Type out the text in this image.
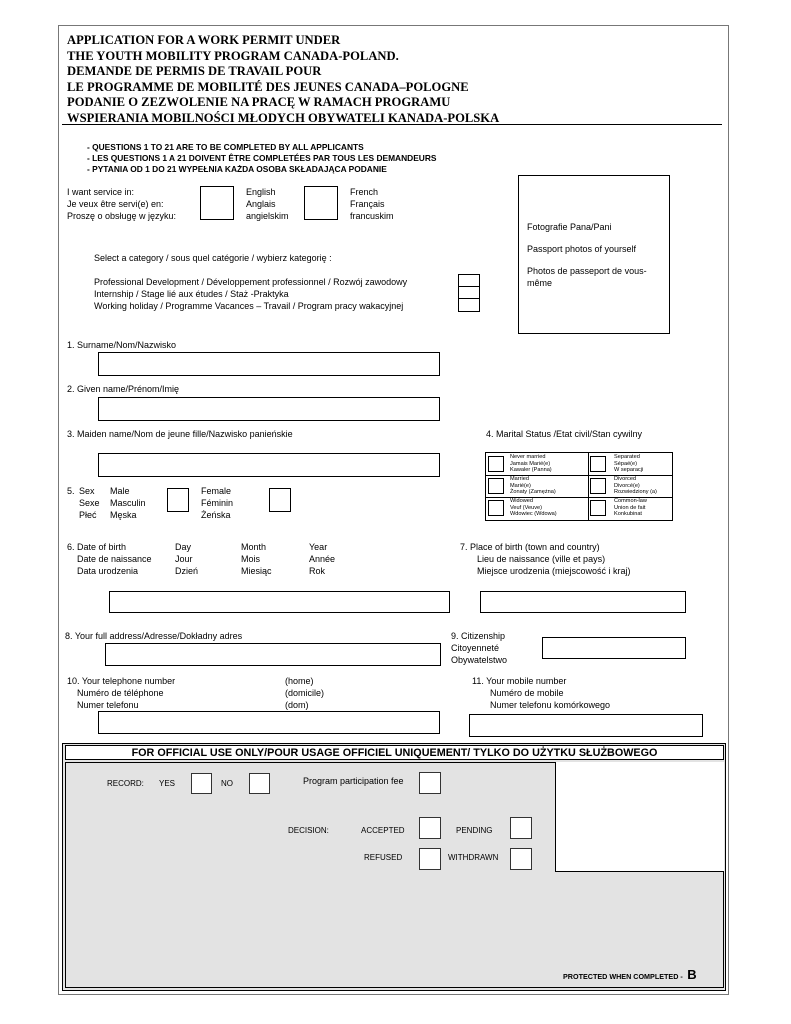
APPLICATION FOR A WORK PERMIT UNDER
THE YOUTH MOBILITY PROGRAM CANADA-POLAND.
DEMANDE DE PERMIS DE TRAVAIL POUR
LE PROGRAMME DE MOBILITÉ DES JEUNES CANADA–POLOGNE
PODANIE O ZEZWOLENIE NA PRACĘ W RAMACH PROGRAMU
WSPIERANIA MOBILNOŚCI MŁODYCH OBYWATELI KANADA-POLSKA
- QUESTIONS 1 TO 21 ARE TO BE COMPLETED BY ALL APPLICANTS
- LES QUESTIONS 1 A 21 DOIVENT ÊTRE COMPLETÉES PAR TOUS LES DEMANDEURS
- PYTANIA OD 1 DO 21 WYPEŁNIA KAŻDA OSOBA SKŁADAJĄCA PODANIE
I want service in:
Je veux être servi(e) en:
Proszę o obsługę w języku:
English
Anglais
angielskim
French
Français
francuskim
Fotografie Pana/Pani
Passport photos of yourself
Photos de passeport de vous-
même
Select a category / sous quel catégorie / wybierz kategorię :
Professional Development / Développement professionnel / Rozwój zawodowy
Internship / Stage lié aux études / Staż -Praktyka
Working holiday / Programme Vacances – Travail / Program pracy wakacyjnej
1. Surname/Nom/Nazwisko
2. Given name/Prénom/Imię
3. Maiden name/Nom de jeune fille/Nazwisko panieńskie	4. Marital Status /Etat civil/Stan cywilny
Never married
Jamais Marié(e)
Kawaler (Panna)
Separated
Sépaé(e)
W separacji
Married
Marié(e)
Żonaty (Zamężna)
Divorced
Divorcé(e)
Rozwiedziony (a)
Widowed
Veuf (Veuve)
Wdowiec (Wdowa)
Common-law
Union de fait
Konkubinat
5. Sex
Sexe
Płeć
Male
Masculin
Męska
Female
Féminin
Żeńska
6. Date of birth
Date de naissance
Data urodzenia
Day
Jour
Dzień
Month
Mois
Miesiąc
Year
Année
Rok
7. Place of birth (town and country)
Lieu de naissance (ville et pays)
Miejsce urodzenia (miejscowość i kraj)
8. Your full address/Adresse/Dokładny adres	9. Citizenship
Citoyenneté
Obywatelstwo
10. Your telephone number
Numéro de téléphone
Numer telefonu
(home)
(domicile)
(dom)
11. Your mobile number
Numéro de mobile
Numer telefonu komórkowego
FOR OFFICIAL USE ONLY/POUR USAGE OFFICIEL UNIQUEMENT/ TYLKO DO UŻYTKU SŁUŻBOWEGO
RECORD: YES	NO	Program participation fee
DECISION:	ACCEPTED	PENDING
REFUSED	WITHDRAWN
PROTECTED WHEN COMPLETED - B
